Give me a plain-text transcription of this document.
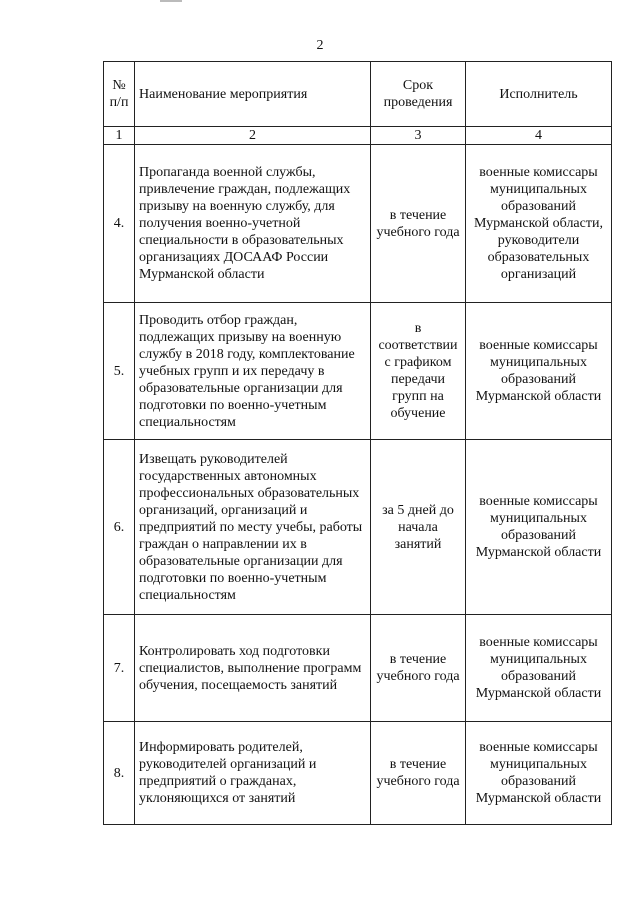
2
№ п/п	Наименование мероприятия	Срок проведения	Исполнитель
1	2	3	4
4.	Пропаганда военной службы, привлечение граждан, подлежащих призыву на военную службу, для получения военно-учетной специальности в образовательных организациях ДОСААФ России Мурманской области	в течение учебного года	военные комиссары муниципальных образований Мурманской области, руководители образовательных организаций
5.	Проводить отбор граждан, подлежащих призыву на военную службу в 2018 году, комплектование учебных групп и их передачу в образовательные организации для подготовки по военно-учетным специальностям	в соответствии с графиком передачи групп на обучение	военные комиссары муниципальных образований Мурманской области
6.	Извещать руководителей государственных автономных профессиональных образовательных организаций, организаций и предприятий по месту учебы, работы граждан о направлении их в образовательные организации для подготовки по военно-учетным специальностям	за 5 дней до начала занятий	военные комиссары муниципальных образований Мурманской области
7.	Контролировать ход подготовки специалистов, выполнение программ обучения, посещаемость занятий	в течение учебного года	военные комиссары муниципальных образований Мурманской области
8.	Информировать родителей, руководителей организаций и предприятий о гражданах, уклоняющихся от занятий	в течение учебного года	военные комиссары муниципальных образований Мурманской области
